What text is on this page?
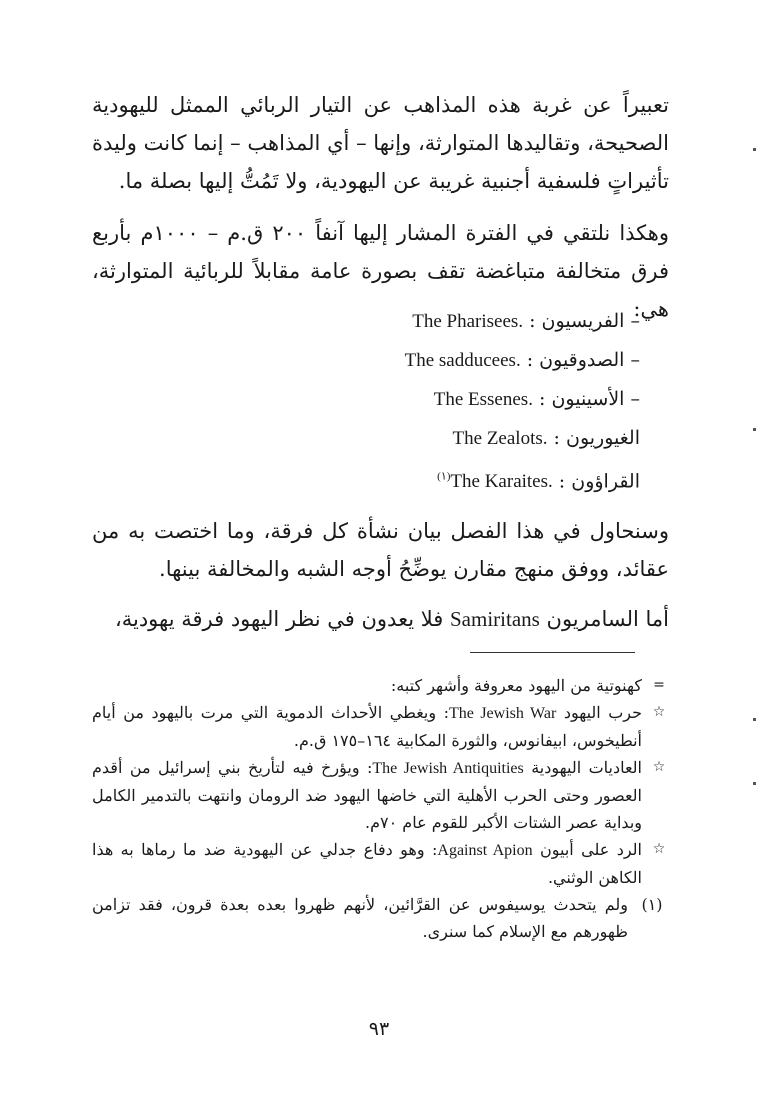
تعبيراً عن غربة هذه المذاهب عن التيار الربائي الممثل لليهودية الصحيحة، وتقاليدها المتوارثة، وإنها – أي المذاهب – إنما كانت وليدة تأثيراتٍ فلسفية أجنبية غريبة عن اليهودية، ولا تَمُتُّ إليها بصلة ما.

وهكذا نلتقي في الفترة المشار إليها آنفاً ٢٠٠ ق.م – ١٠٠٠م بأربع فرق متخالفة متباغضة تقف بصورة عامة مقابلاً للربائية المتوارثة، هي:

– الفريسيون : The Pharisees.
– الصدوقيون : The sadducees.
– الأسينيون : The Essenes.
الغيوريون : The Zealots.
القراؤون : $^{(١)}$The Karaites.

وسنحاول في هذا الفصل بيان نشأة كل فرقة، وما اختصت به من عقائد، ووفق منهج مقارن يوضِّحُ أوجه الشبه والمخالفة بينها.

أما السامريون Samiritans فلا يعدون في نظر اليهود فرقة يهودية،

=
كهنوتية من اليهود معروفة وأشهر كتبه:

☆
حرب اليهود The Jewish War: ويغطي الأحداث الدموية التي مرت باليهود من أيام أنطيخوس، ابيفانوس، والثورة المكابية ١٦٤–١٧٥ ق.م.

☆
العاديات اليهودية The Jewish Antiquities: ويؤرخ فيه لتأريخ بني إسرائيل من أقدم العصور وحتى الحرب الأهلية التي خاضها اليهود ضد الرومان وانتهت بالتدمير الكامل وبداية عصر الشتات الأكبر للقوم عام ٧٠م.

☆
الرد على أبيون Against Apion: وهو دفاع جدلي عن اليهودية ضد ما رماها به هذا الكاهن الوثني.

(١)
ولم يتحدث يوسيفوس عن القرَّائين، لأنهم ظهروا بعده بعدة قرون، فقد تزامن ظهورهم مع الإسلام كما سنرى.

٩٣
